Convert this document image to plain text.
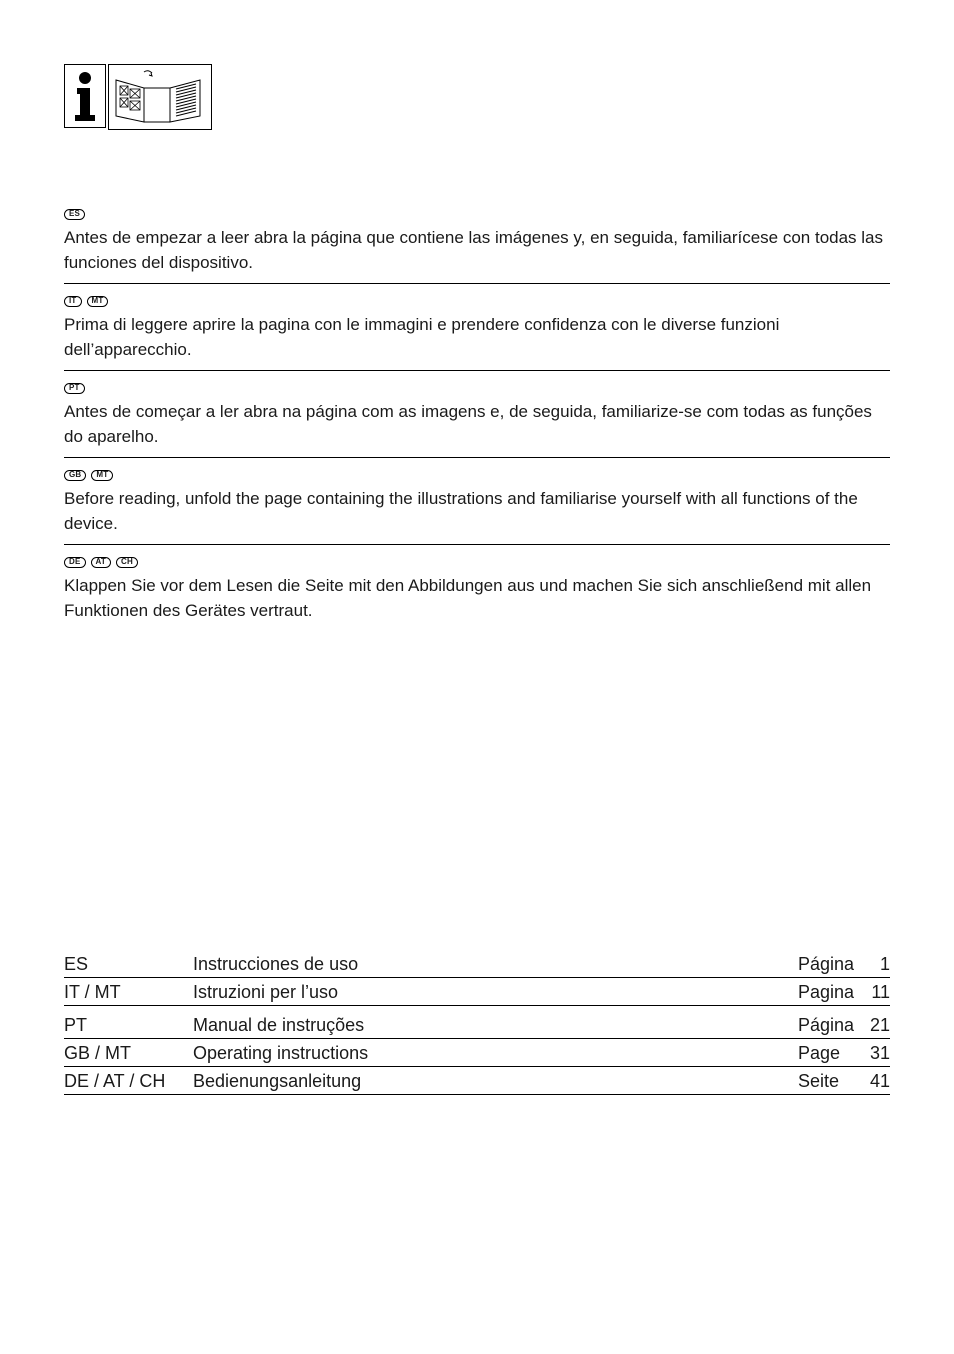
ES

Antes de empezar a leer abra la página que contiene las imágenes y, en seguida, familiarícese con todas las funciones del dispositivo.

IT	MT

Prima di leggere aprire la pagina con le immagini e prendere confidenza con le diverse funzioni dell’apparecchio.

PT

Antes de começar a ler abra na página com as imagens e, de seguida, familiarize-se com todas as funções do aparelho.

GB	MT

Before reading, unfold the page containing the illustrations and familiarise yourself with all functions of the device.

DE	AT	CH

Klappen Sie vor dem Lesen die Seite mit den Abbildungen aus und machen Sie sich anschließend mit allen Funktionen des Gerätes vertraut.

ES	Instrucciones de uso	Página	1
IT / MT	Istruzioni per l’uso	Pagina 11
PT	Manual de instruções	Página 21
GB / MT	Operating instructions	Page	31
DE / AT / CH	Bedienungsanleitung	Seite	41
